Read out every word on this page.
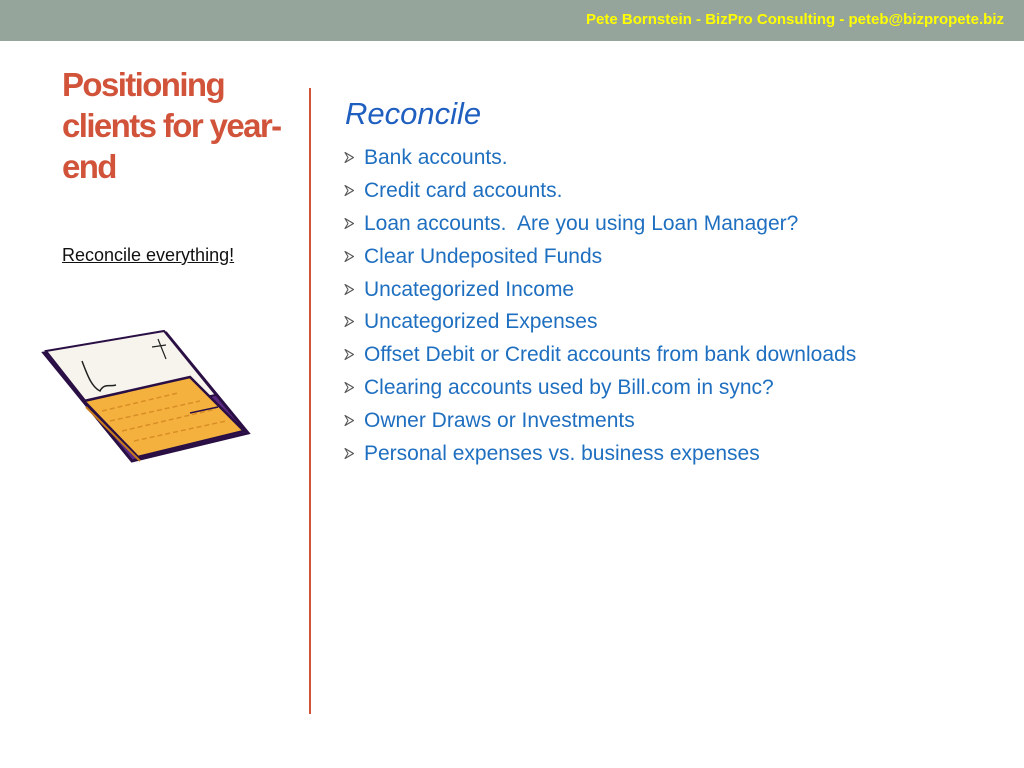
Pete Bornstein - BizPro Consulting - peteb@bizpropete.biz
Positioning clients for year-end
Reconcile everything!
Reconcile
Bank accounts.
Credit card accounts.
Loan accounts.  Are you using Loan Manager?
Clear Undeposited Funds
Uncategorized Income
Uncategorized Expenses
Offset Debit or Credit accounts from bank downloads
Clearing accounts used by Bill.com in sync?
Owner Draws or Investments
Personal expenses vs. business expenses
